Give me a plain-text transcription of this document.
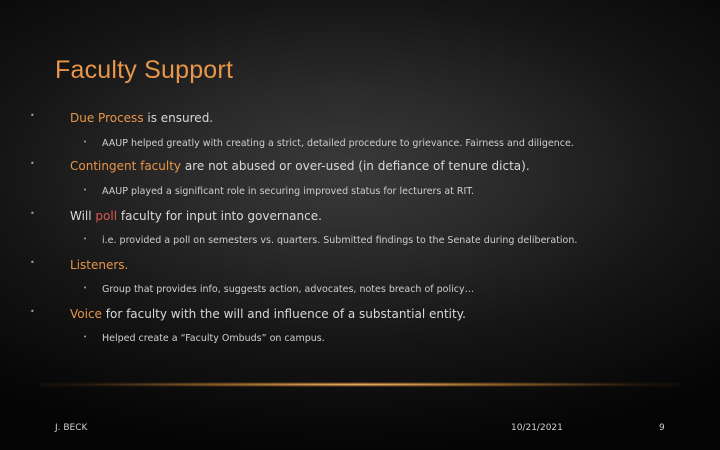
Faculty Support
• Due Process is ensured.
• AAUP helped greatly with creating a strict, detailed procedure to grievance. Fairness and diligence.
• Contingent faculty are not abused or over-used (in defiance of tenure dicta).
• AAUP played a significant role in securing improved status for lecturers at RIT.
• Will poll faculty for input into governance.
• i.e. provided a poll on semesters vs. quarters. Submitted findings to the Senate during deliberation.
• Listeners.
• Group that provides info, suggests action, advocates, notes breach of policy…
• Voice for faculty with the will and influence of a substantial entity.
• Helped create a “Faculty Ombuds” on campus.
J. BECK	10/21/2021	9
